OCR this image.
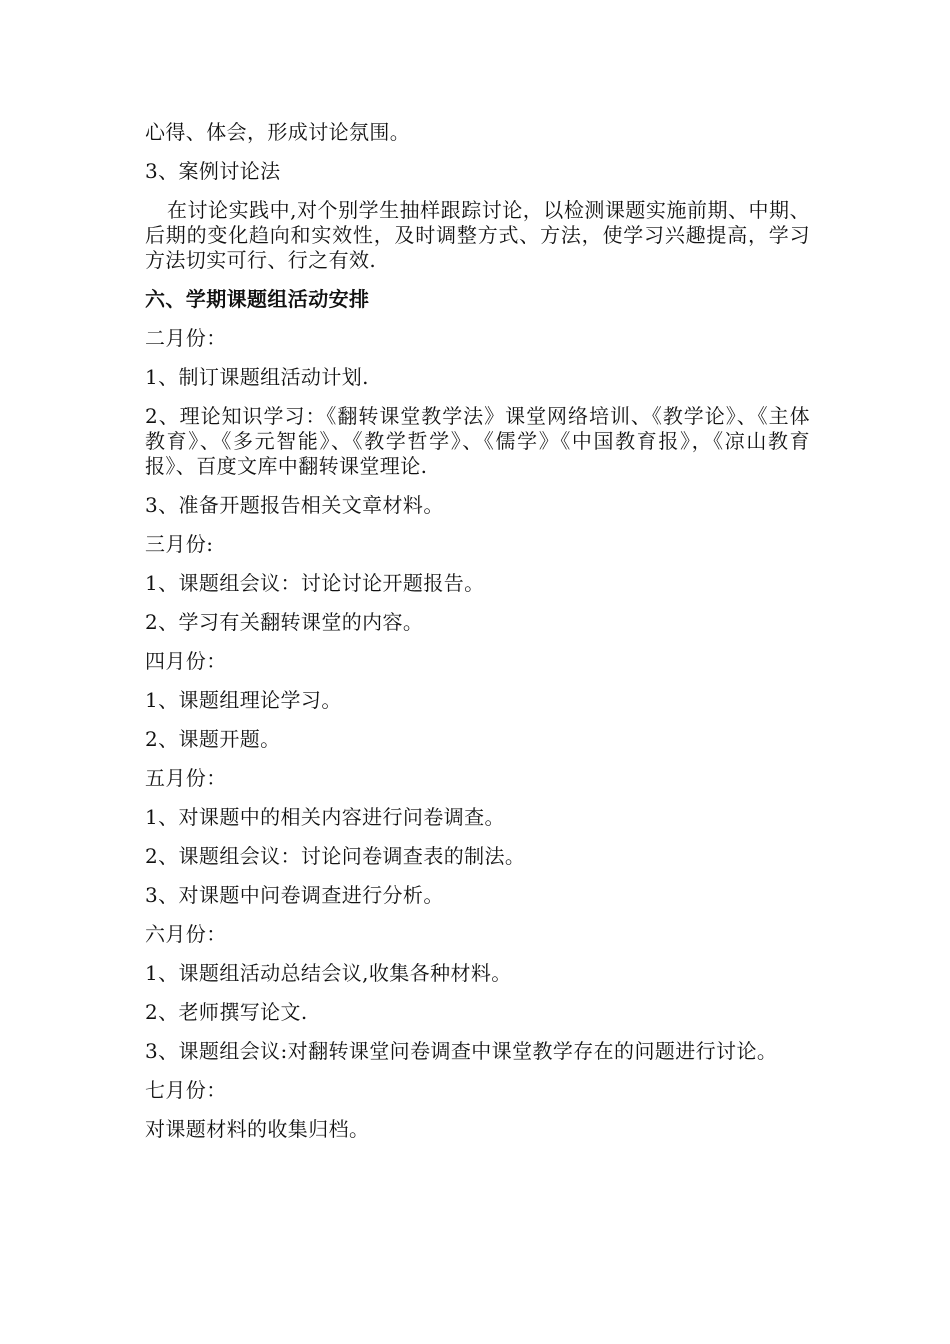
心得、体会，形成讨论氛围。

3、案例讨论法

在讨论实践中,对个别学生抽样跟踪讨论，以检测课题实施前期、中期、后期的变化趋向和实效性，及时调整方式、方法，使学习兴趣提高，学习方法切实可行、行之有效.

六、学期课题组活动安排

二月份：

1、制订课题组活动计划.

2、理论知识学习：《翻转课堂教学法》课堂网络培训、《教学论》、《主体教育》、《多元智能》、《教学哲学》、《儒学》《中国教育报》，《凉山教育报》、百度文库中翻转课堂理论.

3、准备开题报告相关文章材料。

三月份:

1、课题组会议：讨论讨论开题报告。

2、学习有关翻转课堂的内容。

四月份：

1、课题组理论学习。

2、课题开题。

五月份：

1、对课题中的相关内容进行问卷调查。

2、课题组会议：讨论问卷调查表的制法。

3、对课题中问卷调查进行分析。

六月份：

1、课题组活动总结会议,收集各种材料。

2、老师撰写论文.

3、课题组会议:对翻转课堂问卷调查中课堂教学存在的问题进行讨论。

七月份：

对课题材料的收集归档。
